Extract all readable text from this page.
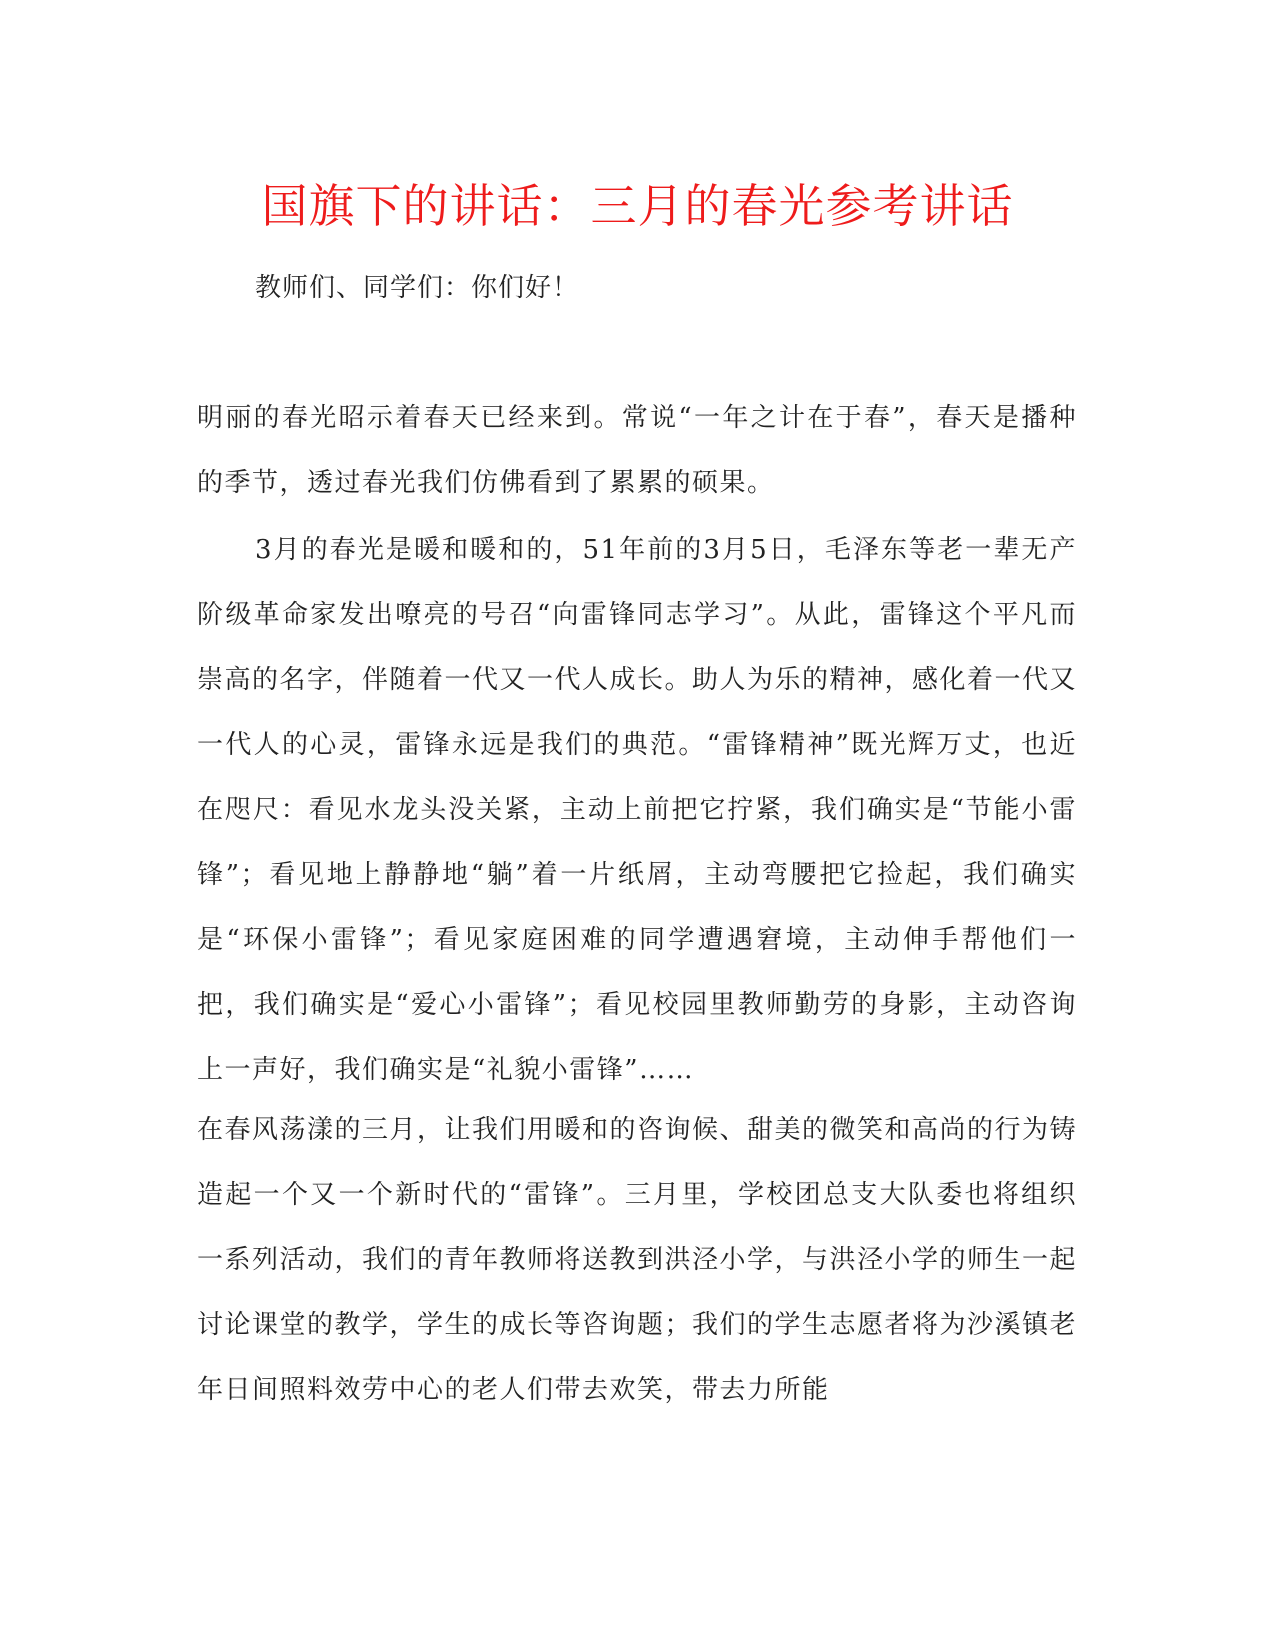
国旗下的讲话：三月的春光参考讲话
教师们、同学们：你们好！
明丽的春光昭示着春天已经来到。常说“一年之计在于春”，春天是播种的季节，透过春光我们仿佛看到了累累的硕果。
3月的春光是暖和暖和的，51年前的3月5日，毛泽东等老一辈无产阶级革命家发出嘹亮的号召“向雷锋同志学习”。从此，雷锋这个平凡而崇高的名字，伴随着一代又一代人成长。助人为乐的精神，感化着一代又一代人的心灵，雷锋永远是我们的典范。“雷锋精神”既光辉万丈，也近在咫尺：看见水龙头没关紧，主动上前把它拧紧，我们确实是“节能小雷锋”；看见地上静静地“躺”着一片纸屑，主动弯腰把它捡起，我们确实是“环保小雷锋”；看见家庭困难的同学遭遇窘境，主动伸手帮他们一把，我们确实是“爱心小雷锋”；看见校园里教师勤劳的身影，主动咨询上一声好，我们确实是“礼貌小雷锋”……
在春风荡漾的三月，让我们用暖和的咨询候、甜美的微笑和高尚的行为铸造起一个又一个新时代的“雷锋”。三月里，学校团总支大队委也将组织一系列活动，我们的青年教师将送教到洪泾小学，与洪泾小学的师生一起讨论课堂的教学，学生的成长等咨询题；我们的学生志愿者将为沙溪镇老年日间照料效劳中心的老人们带去欢笑，带去力所能
